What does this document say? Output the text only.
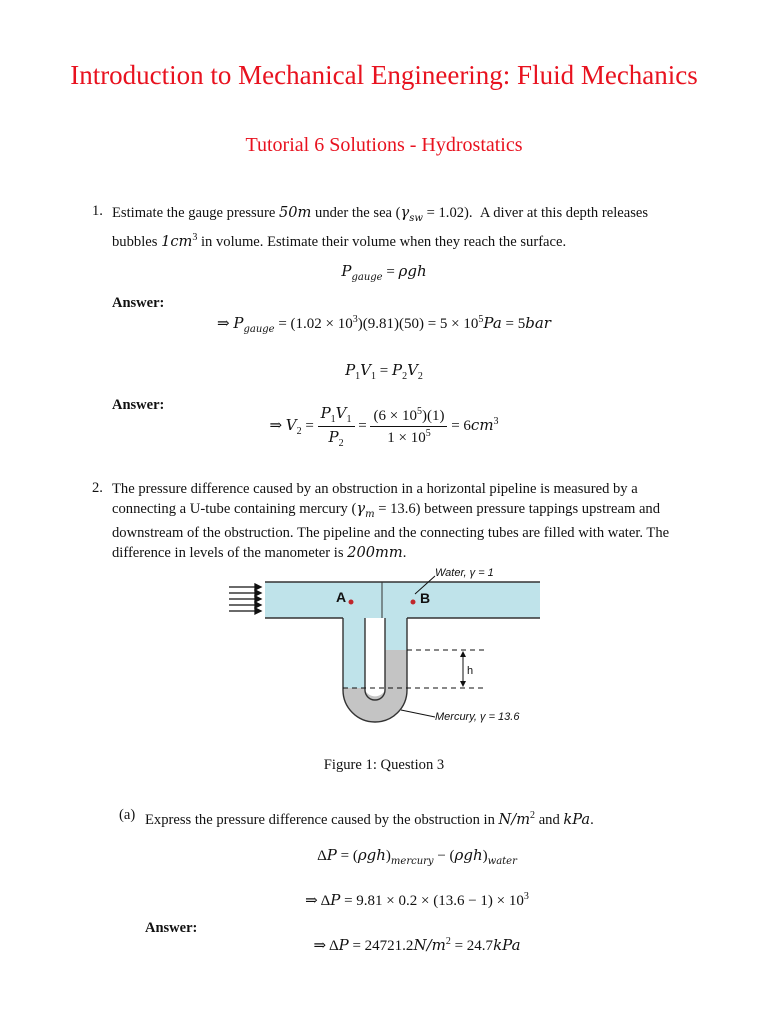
Introduction to Mechanical Engineering: Fluid Mechanics
Tutorial 6 Solutions - Hydrostatics
1. Estimate the gauge pressure 50m under the sea $(\gamma_{sw} = 1.02)$.  A diver at this depth releases
bubbles $1cm^3$ in volume. Estimate their volume when they reach the surface.
$P_{gauge} = \rho gh$
Answer:
⇒ $P_{gauge} = (1.02 \times 10^3)(9.81)(50) = 5 \times 10^5Pa = 5bar$
$P_1V_1 = P_2V_2$
Answer:
⇒ $V_2 = \frac{P_1V_1}{P_2} = \frac{(6 \times 10^5)(1)}{1 \times 10^5} = 6cm^3$
2. The pressure difference caused by an obstruction in a horizontal pipeline is measured by a
connecting a U-tube containing mercury $(\gamma_m = 13.6)$ between pressure tappings upstream and
downstream of the obstruction. The pipeline and the connecting tubes are filled with water. The
difference in levels of the manometer is 200mm.
A	B
Water, γ = 1
h
Mercury, γ = 13.6
Figure 1: Question 3
(a) Express the pressure difference caused by the obstruction in $N/m^2$ and kPa.
$\Delta P = (\rho gh)_{mercury} - (\rho gh)_{water}$
⇒ $\Delta P = 9.81 \times 0.2 \times (13.6 - 1) \times 10^3$
Answer:
⇒ $\Delta P = 24721.2N/m^2 = 24.7kPa$
